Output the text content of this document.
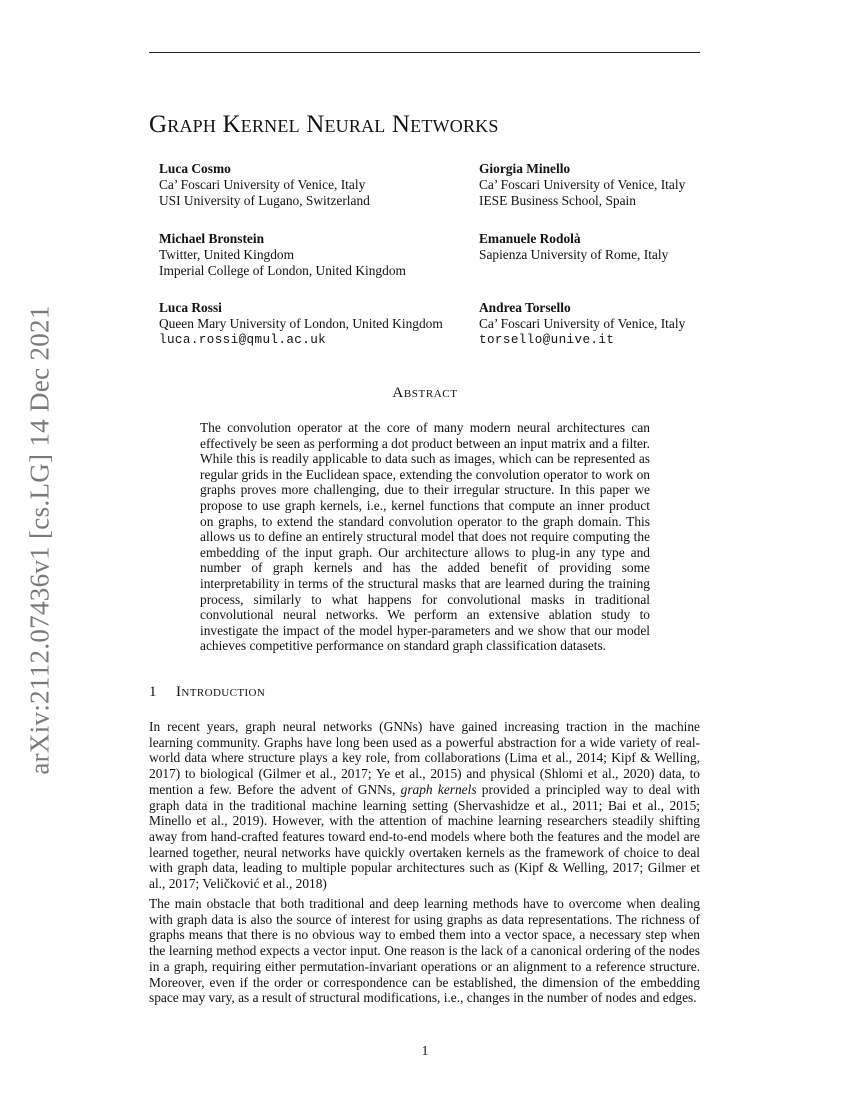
arXiv:2112.07436v1 [cs.LG] 14 Dec 2021
Graph Kernel Neural Networks
Luca Cosmo
Ca’ Foscari University of Venice, Italy
USI University of Lugano, Switzerland
Michael Bronstein
Twitter, United Kingdom
Imperial College of London, United Kingdom
Luca Rossi
Queen Mary University of London, United Kingdom
luca.rossi@qmul.ac.uk
Giorgia Minello
Ca’ Foscari University of Venice, Italy
IESE Business School, Spain
Emanuele Rodolà
Sapienza University of Rome, Italy
Andrea Torsello
Ca’ Foscari University of Venice, Italy
torsello@unive.it
Abstract
The convolution operator at the core of many modern neural architectures can effectively be seen as performing a dot product between an input matrix and a filter. While this is readily applicable to data such as images, which can be represented as regular grids in the Euclidean space, extending the convolution operator to work on graphs proves more challenging, due to their irregular structure. In this paper we propose to use graph kernels, i.e., kernel functions that compute an inner product on graphs, to extend the standard convolution operator to the graph domain. This allows us to define an entirely structural model that does not require computing the embedding of the input graph. Our architecture allows to plug-in any type and number of graph kernels and has the added benefit of providing some interpretability in terms of the structural masks that are learned during the training process, similarly to what happens for convolutional masks in traditional convolutional neural networks. We perform an extensive ablation study to investigate the impact of the model hyper-parameters and we show that our model achieves competitive performance on standard graph classification datasets.
1 Introduction
In recent years, graph neural networks (GNNs) have gained increasing traction in the machine learning community. Graphs have long been used as a powerful abstraction for a wide variety of real-world data where structure plays a key role, from collaborations (Lima et al., 2014; Kipf & Welling, 2017) to biological (Gilmer et al., 2017; Ye et al., 2015) and physical (Shlomi et al., 2020) data, to mention a few. Before the advent of GNNs, graph kernels provided a principled way to deal with graph data in the traditional machine learning setting (Shervashidze et al., 2011; Bai et al., 2015; Minello et al., 2019). However, with the attention of machine learning researchers steadily shifting away from hand-crafted features toward end-to-end models where both the features and the model are learned together, neural networks have quickly overtaken kernels as the framework of choice to deal with graph data, leading to multiple popular architectures such as (Kipf & Welling, 2017; Gilmer et al., 2017; Veličković et al., 2018)
The main obstacle that both traditional and deep learning methods have to overcome when dealing with graph data is also the source of interest for using graphs as data representations. The richness of graphs means that there is no obvious way to embed them into a vector space, a necessary step when the learning method expects a vector input. One reason is the lack of a canonical ordering of the nodes in a graph, requiring either permutation-invariant operations or an alignment to a reference structure. Moreover, even if the order or correspondence can be established, the dimension of the embedding space may vary, as a result of structural modifications, i.e., changes in the number of nodes and edges.
1
